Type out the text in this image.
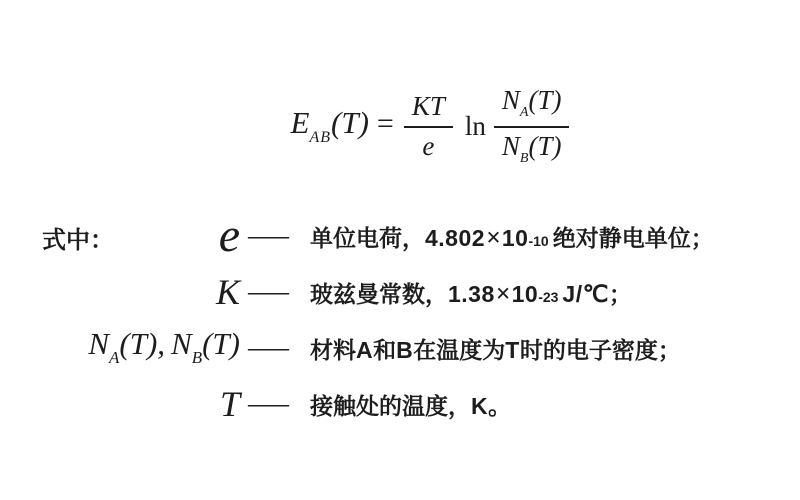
$E_{AB}(T) = \frac{KT}{e}$ $\ln \frac{N_A(T)}{N_B(T)}$
式中： e ——	单位电荷， 4.802 × 10 -10 绝对静电单位；
K ——	玻兹曼常数， 1.38 × 10 -23 J/℃；
NA(T), NB(T) ——	材料 A 和 B 在温度为 T 时的电子密度；
T ——	接触处的温度， K 。
